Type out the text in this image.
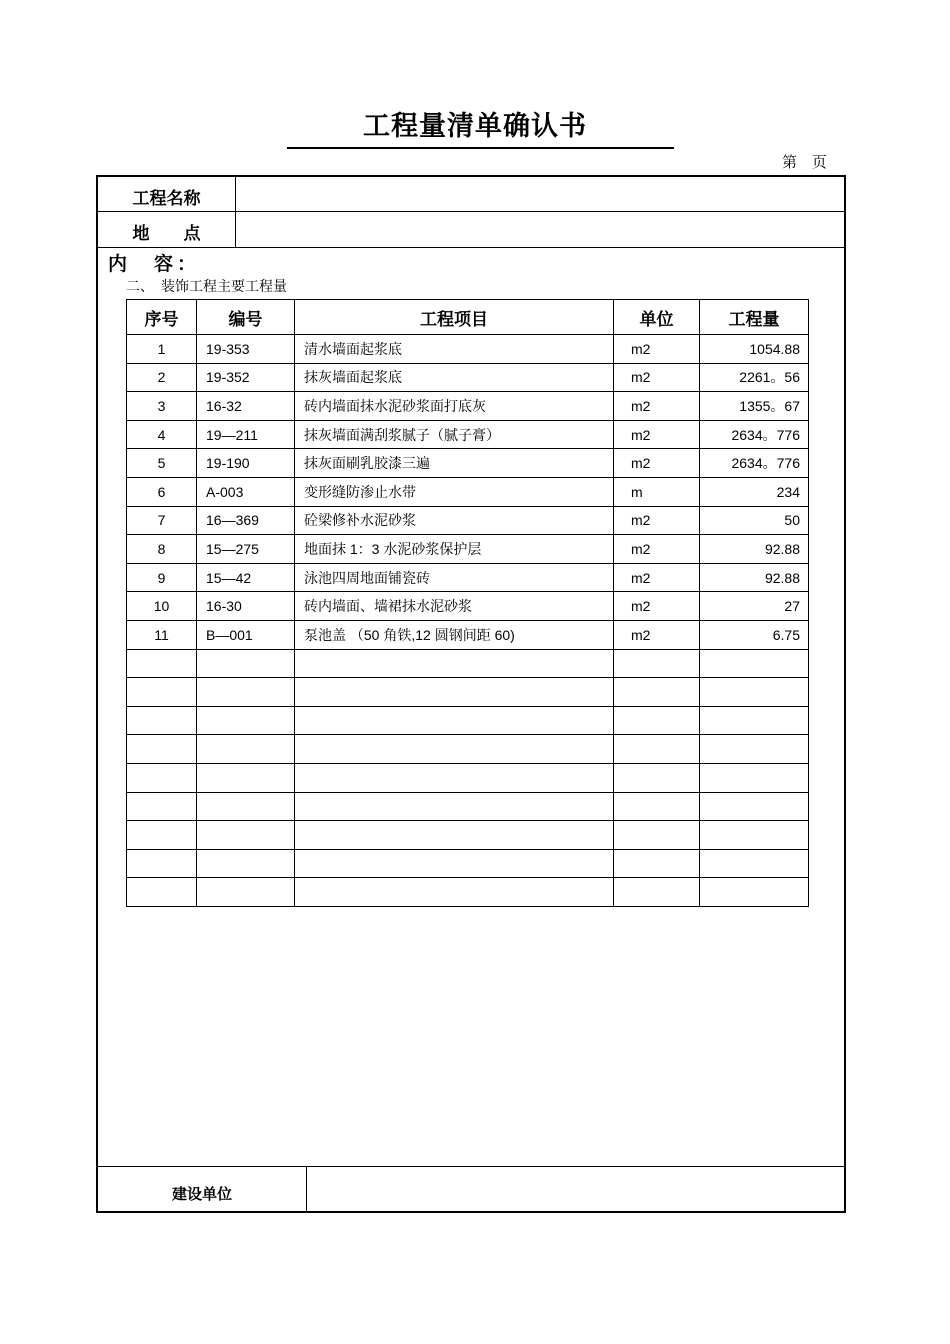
工程量清单确认书
第 页
工程名称
地　　点
内　容：
二、　装饰工程主要工程量
序号	编号	工程项目	单位	工程量
1	19-353	清水墙面起浆底	m2	1054.88
2	19-352	抹灰墙面起浆底	m2	2261。56
3	16-32	砖内墙面抹水泥砂浆面打底灰	m2	1355。67
4	19—211	抹灰墙面满刮浆腻子（腻子膏）	m2	2634。776
5	19-190	抹灰面刷乳胶漆三遍	m2	2634。776
6	A-003	变形缝防渗止水带	m	234
7	16—369	砼梁修补水泥砂浆	m2	50
8	15—275	地面抹 1：3 水泥砂浆保护层	m2	92.88
9	15—42	泳池四周地面铺瓷砖	m2	92.88
10	16-30	砖内墙面、墙裙抹水泥砂浆	m2	27
11	B—001	泵池盖 （50 角铁,12 圆钢间距 60)	m2	6.75

建设单位
